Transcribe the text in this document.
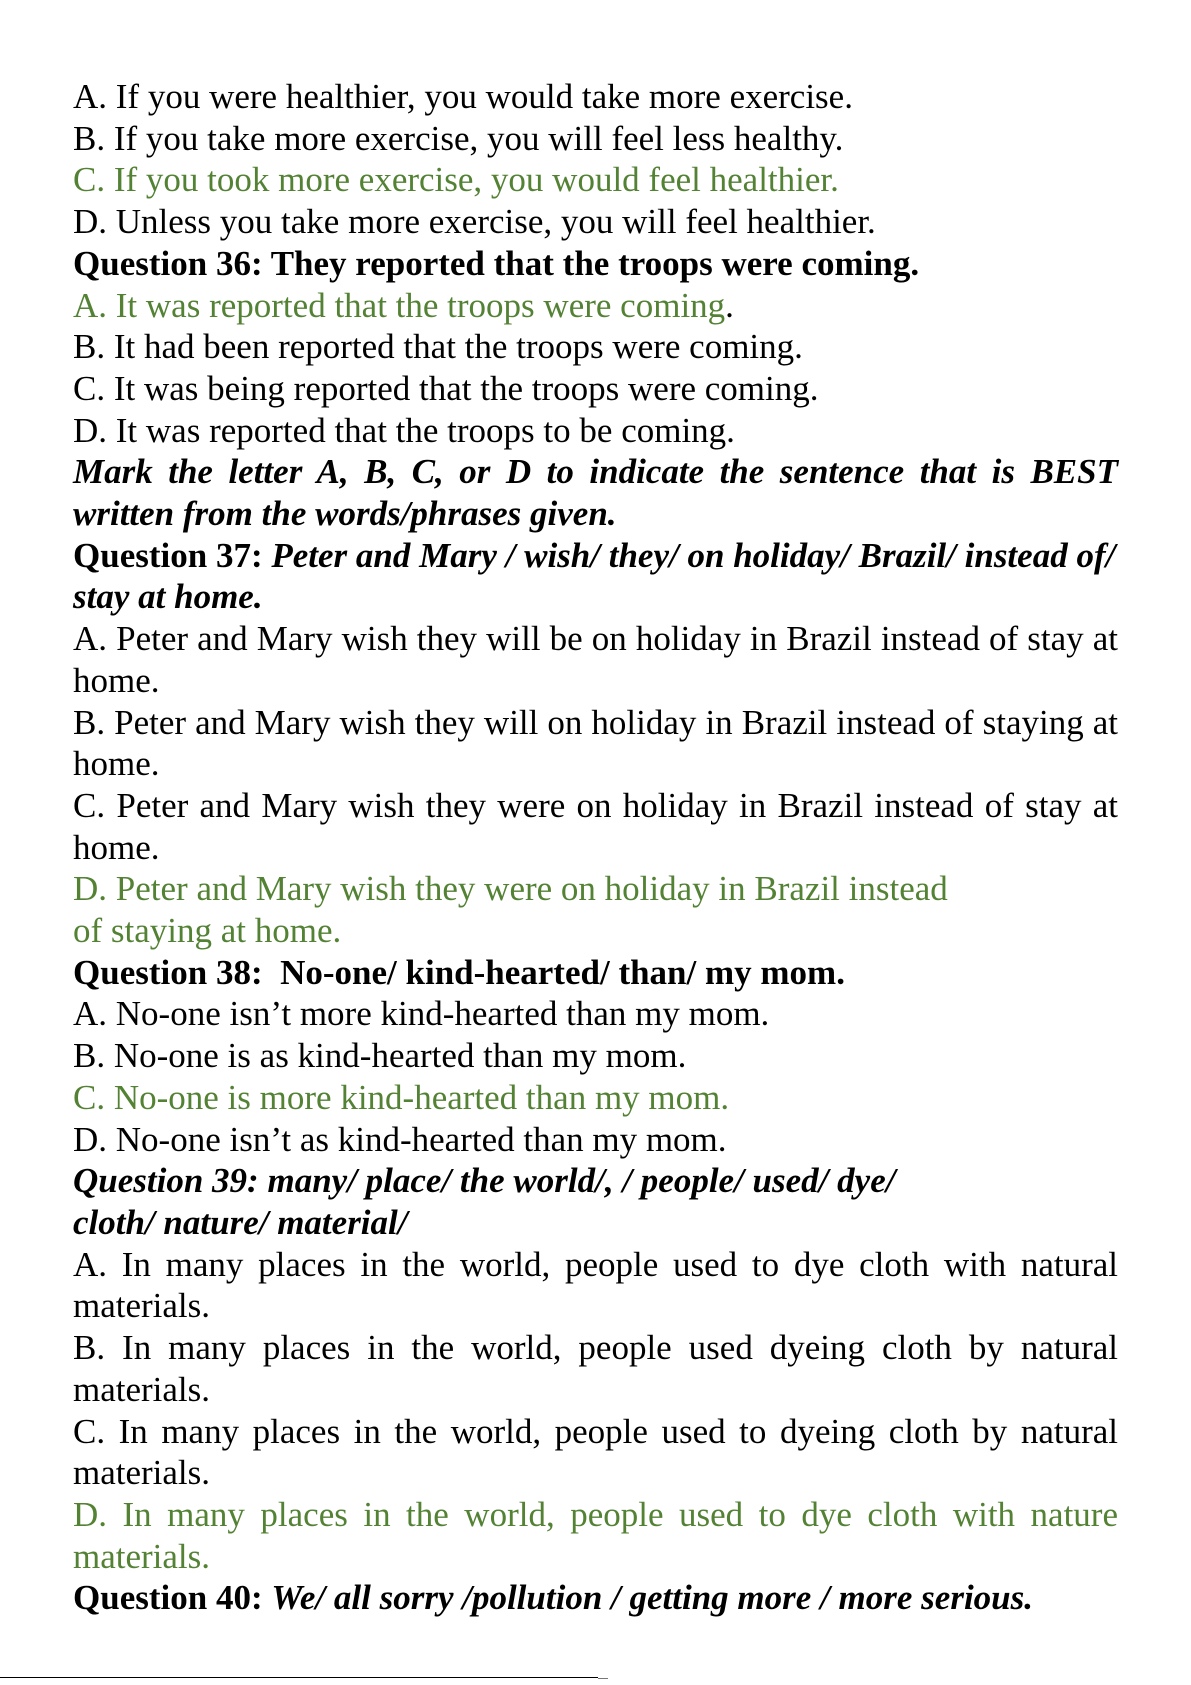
A. If you were healthier, you would take more exercise.
B. If you take more exercise, you will feel less healthy.
C. If you took more exercise, you would feel healthier.
D. Unless you take more exercise, you will feel healthier.
Question 36: They reported that the troops were coming.
A. It was reported that the troops were coming.
B. It had been reported that the troops were coming.
C. It was being reported that the troops were coming.
D. It was reported that the troops to be coming.
Mark the letter A, B, C, or D to indicate the sentence that is BEST written from the words/phrases given.
Question 37: Peter and Mary / wish/ they/ on holiday/ Brazil/ instead of/ stay at home.
A. Peter and Mary wish they will be on holiday in Brazil instead of stay at home.
B. Peter and Mary wish they will on holiday in Brazil instead of staying at home.
C. Peter and Mary wish they were on holiday in Brazil instead of stay at home.
D. Peter and Mary wish they were on holiday in Brazil instead of staying at home.
Question 38:  No-one/ kind-hearted/ than/ my mom.
A. No-one isn’t more kind-hearted than my mom.
B. No-one is as kind-hearted than my mom.
C. No-one is more kind-hearted than my mom.
D. No-one isn’t as kind-hearted than my mom.
Question 39: many/ place/ the world/, / people/ used/ dye/ cloth/ nature/ material/
A. In many places in the world, people used to dye cloth with natural materials.
B. In many places in the world, people used dyeing cloth by natural materials.
C. In many places in the world, people used to dyeing cloth by natural materials.
D. In many places in the world, people used to dye cloth with nature materials.
Question 40: We/ all sorry /pollution / getting more / more serious.
